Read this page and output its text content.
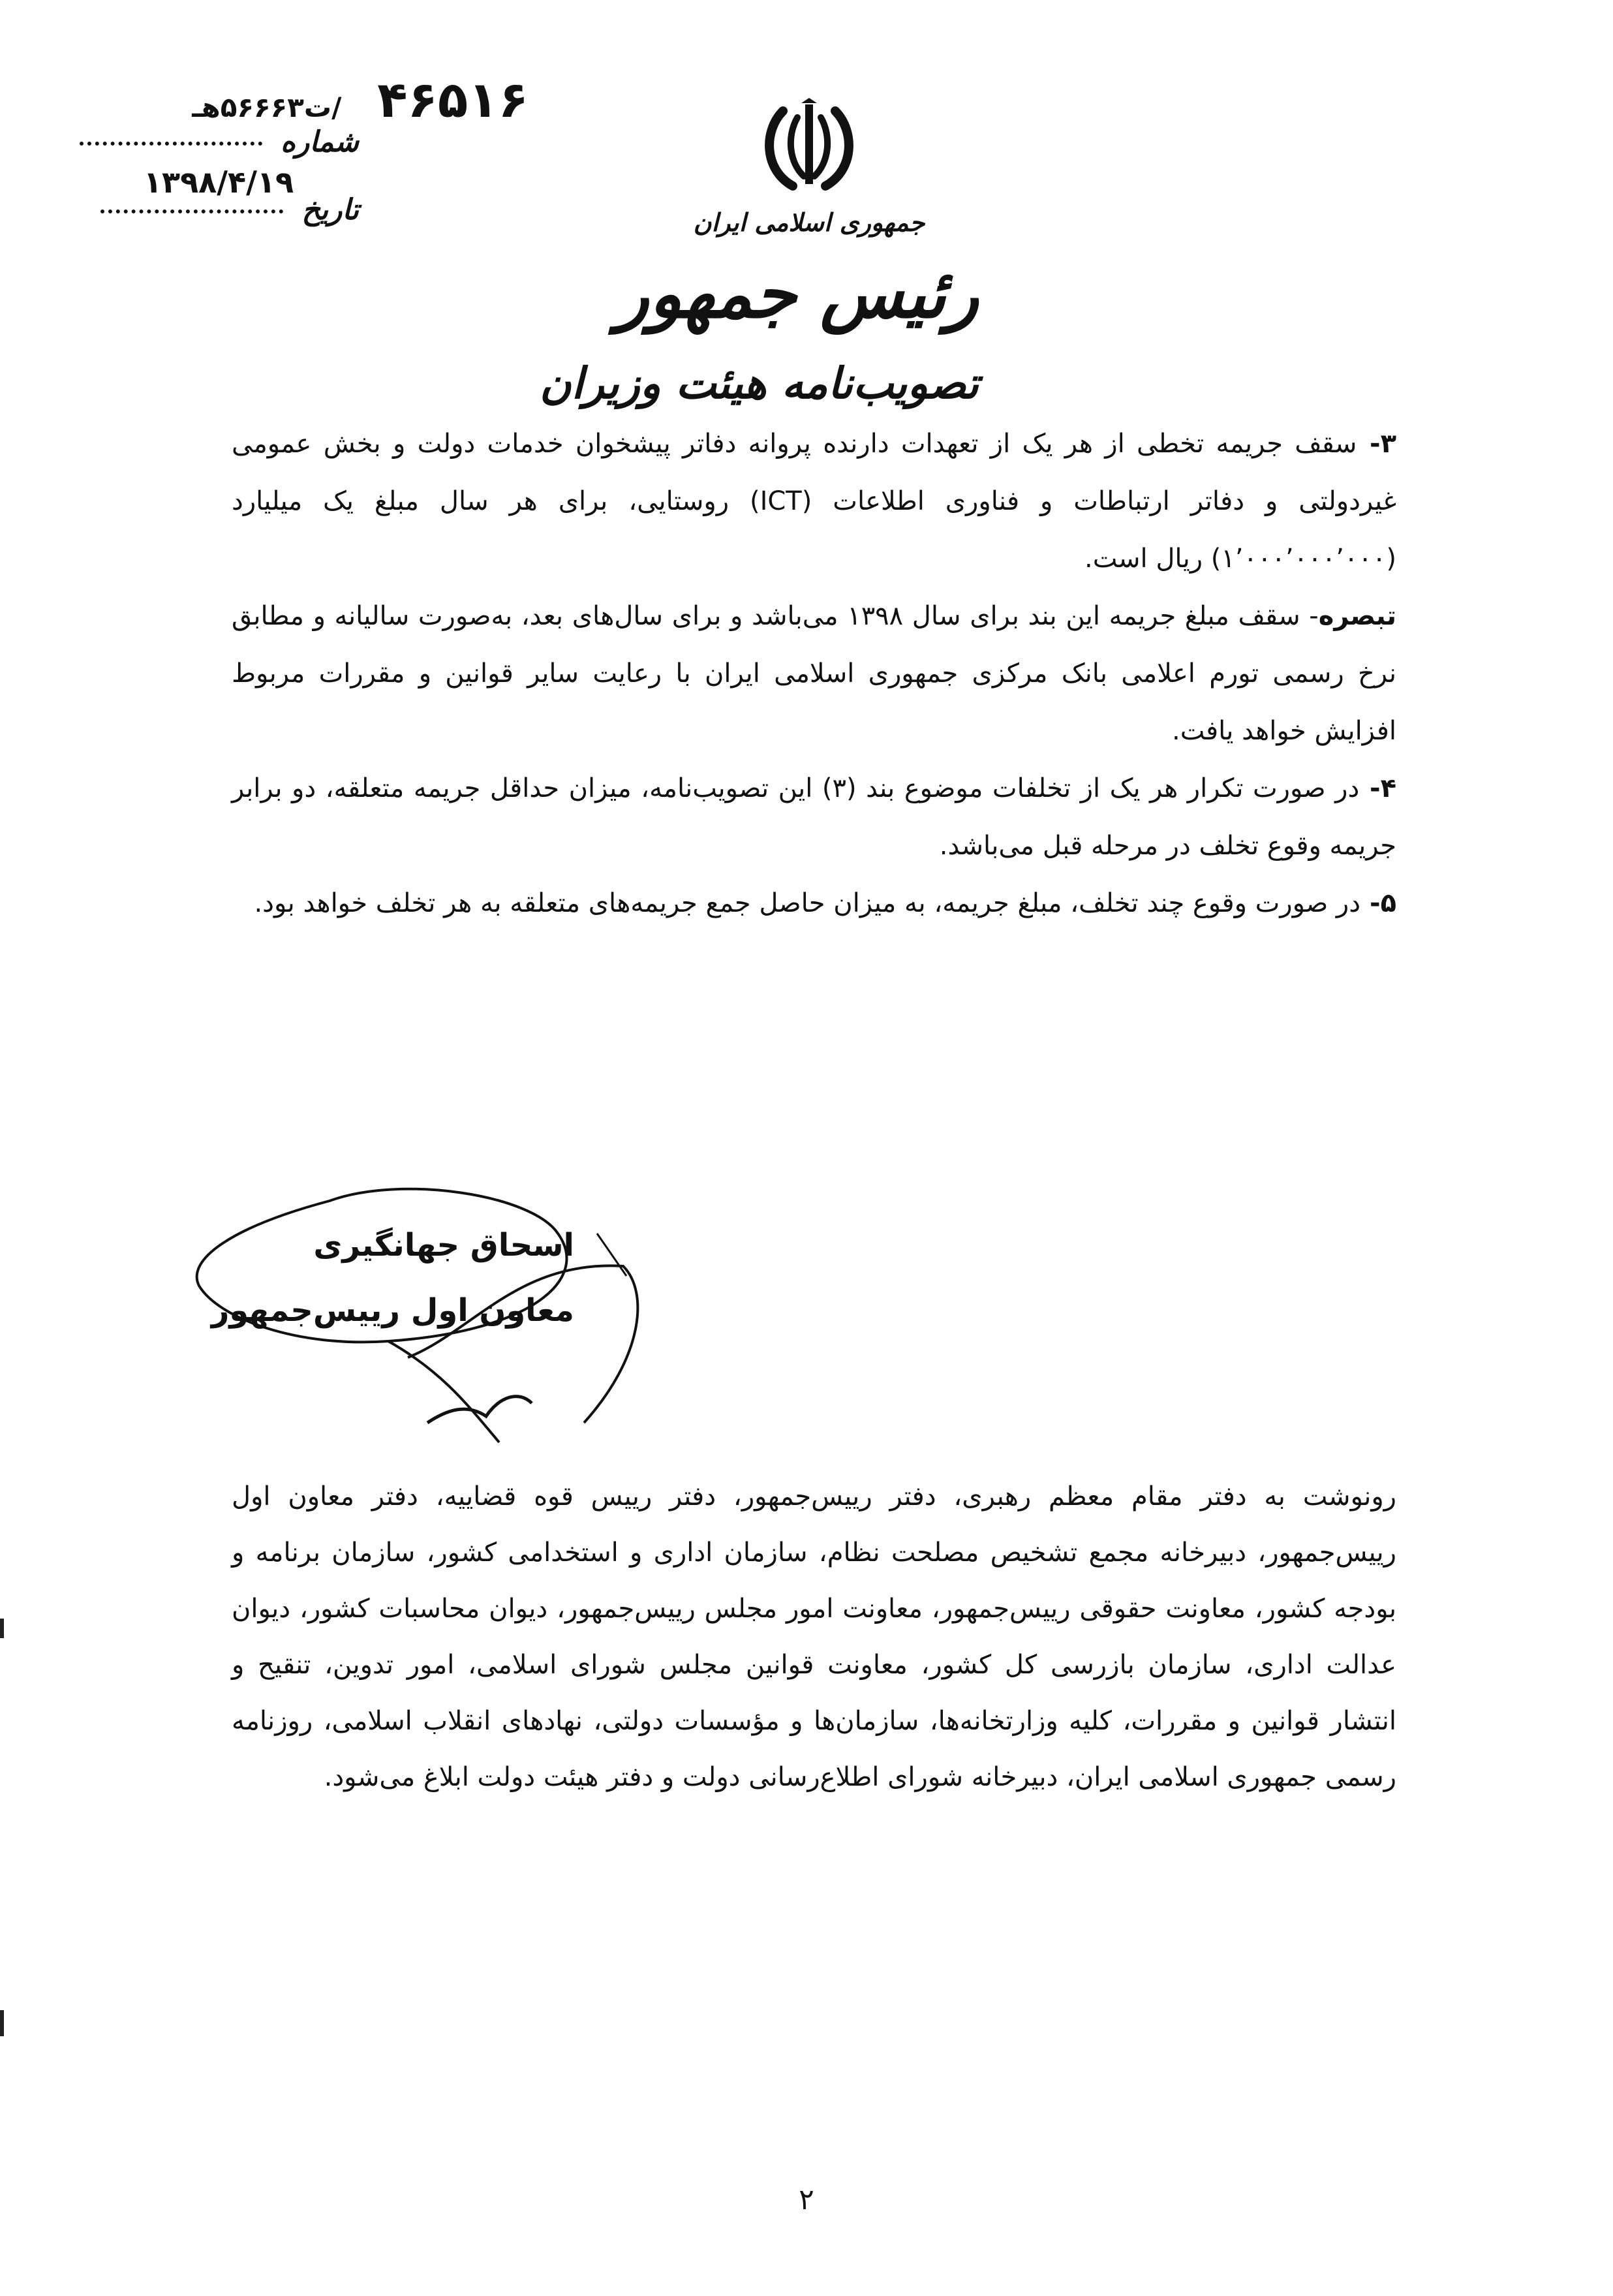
۴۶۵۱۶ /ت۵۶۶۶۳هـ
شماره
۱۳۹۸/۴/۱۹
تاریخ	جمهوری اسلامی ایران
رئیس جمهور
تصویب‌نامه هیئت وزیران
۳- سقف جریمه تخطی از هر یک از تعهدات دارنده پروانه دفاتر پیشخوان خدمات دولت و بخش عمومی غیردولتی و دفاتر ارتباطات و فناوری اطلاعات (ICT) روستایی، برای هر سال مبلغ یک میلیارد (۱٬۰۰۰٬۰۰۰٬۰۰۰) ریال است.
تبصره- سقف مبلغ جریمه این بند برای سال ۱۳۹۸ می‌باشد و برای سال‌های بعد، به‌صورت سالیانه و مطابق نرخ رسمی تورم اعلامی بانک مرکزی جمهوری اسلامی ایران با رعایت سایر قوانین و مقررات مربوط افزایش خواهد یافت.
۴- در صورت تکرار هر یک از تخلفات موضوع بند (۳) این تصویب‌نامه، میزان حداقل جریمه متعلقه، دو برابر جریمه وقوع تخلف در مرحله قبل می‌باشد.
۵- در صورت وقوع چند تخلف، مبلغ جریمه، به میزان حاصل جمع جریمه‌های متعلقه به هر تخلف خواهد بود.
اسحاق جهانگیری
معاون اول رییس‌جمهور
رونوشت به دفتر مقام معظم رهبری، دفتر رییس‌جمهور، دفتر رییس قوه قضاییه، دفتر معاون اول رییس‌جمهور، دبیرخانه مجمع تشخیص مصلحت نظام، سازمان اداری و استخدامی کشور، سازمان برنامه و بودجه کشور، معاونت حقوقی رییس‌جمهور، معاونت امور مجلس رییس‌جمهور، دیوان محاسبات کشور، دیوان عدالت اداری، سازمان بازرسی کل کشور، معاونت قوانین مجلس شورای اسلامی، امور تدوین، تنقیح و انتشار قوانین و مقررات، کلیه وزارتخانه‌ها، سازمان‌ها و مؤسسات دولتی، نهادهای انقلاب اسلامی، روزنامه رسمی جمهوری اسلامی ایران، دبیرخانه شورای اطلاع‌رسانی دولت و دفتر هیئت دولت ابلاغ می‌شود.
۲
